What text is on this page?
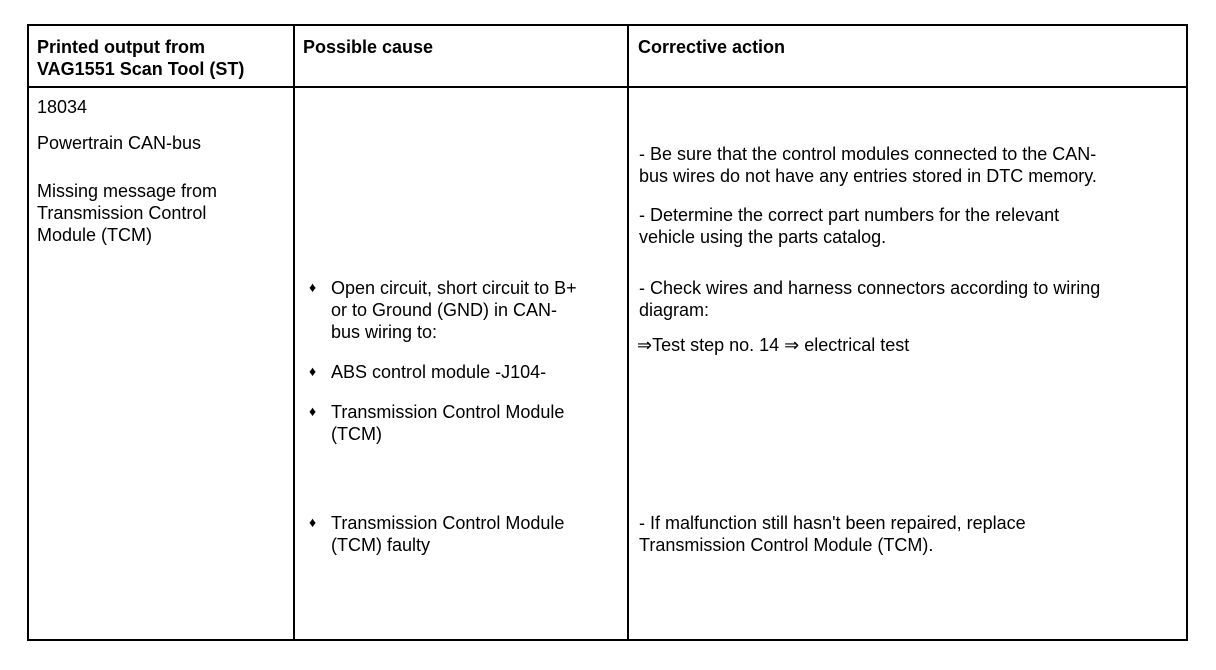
Printed output from
VAG1551 Scan Tool (ST)
Possible cause	Corrective action
18034
Powertrain CAN-bus
Missing message from
Transmission Control
Module (TCM)
♦ Open circuit, short circuit to B+
or to Ground (GND) in CAN-
bus wiring to:
♦ ABS control module -J104-
♦ Transmission Control Module
(TCM)
♦ Transmission Control Module
(TCM) faulty
- Be sure that the control modules connected to the CAN-
bus wires do not have any entries stored in DTC memory.
- Determine the correct part numbers for the relevant
vehicle using the parts catalog.
- Check wires and harness connectors according to wiring
diagram:
⇒Test step no. 14 ⇒ electrical test
- If malfunction still hasn't been repaired, replace
Transmission Control Module (TCM).
